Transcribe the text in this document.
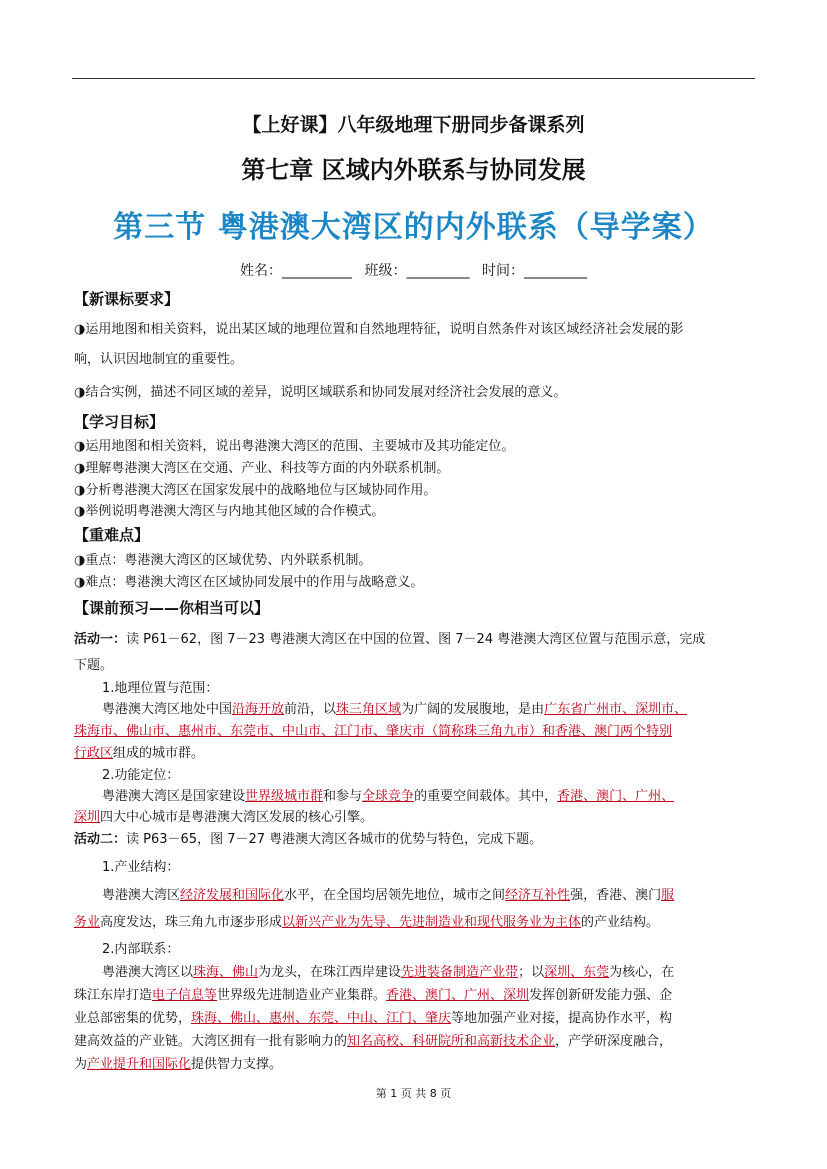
【上好课】八年级地理下册同步备课系列
第七章 区域内外联系与协同发展
第三节 粤港澳大湾区的内外联系（导学案）
姓名：__________ 班级：_________ 时间：_________
【新课标要求】
◑运用地图和相关资料，说出某区域的地理位置和自然地理特征，说明自然条件对该区域经济社会发展的影
响，认识因地制宜的重要性。
◑结合实例，描述不同区域的差异，说明区域联系和协同发展对经济社会发展的意义。
【学习目标】
◑运用地图和相关资料，说出粤港澳大湾区的范围、主要城市及其功能定位。
◑理解粤港澳大湾区在交通、产业、科技等方面的内外联系机制。
◑分析粤港澳大湾区在国家发展中的战略地位与区域协同作用。
◑举例说明粤港澳大湾区与内地其他区域的合作模式。
【重难点】
◑重点：粤港澳大湾区的区域优势、内外联系机制。
◑难点：粤港澳大湾区在区域协同发展中的作用与战略意义。
【课前预习——你相当可以】
活动一：读 P61－62，图 7－23 粤港澳大湾区在中国的位置、图 7－24 粤港澳大湾区位置与范围示意，完成
下题。
1.地理位置与范围：
粤港澳大湾区地处中国沿海开放前沿，以珠三角区域为广阔的发展腹地，是由广东省广州市、深圳市、
珠海市、佛山市、惠州市、东莞市、中山市、江门市、肇庆市（简称珠三角九市）和香港、澳门两个特别
行政区组成的城市群。
2.功能定位：
粤港澳大湾区是国家建设世界级城市群和参与全球竞争的重要空间载体。其中，香港、澳门、广州、
深圳四大中心城市是粤港澳大湾区发展的核心引擎。
活动二：读 P63－65，图 7－27 粤港澳大湾区各城市的优势与特色，完成下题。
1.产业结构：
粤港澳大湾区经济发展和国际化水平，在全国均居领先地位，城市之间经济互补性强，香港、澳门服
务业高度发达，珠三角九市逐步形成以新兴产业为先导、先进制造业和现代服务业为主体的产业结构。
2.内部联系：
粤港澳大湾区以珠海、佛山为龙头，在珠江西岸建设先进装备制造产业带；以深圳、东莞为核心，在
珠江东岸打造电子信息等世界级先进制造业产业集群。香港、澳门、广州、深圳发挥创新研发能力强、企
业总部密集的优势，珠海、佛山、惠州、东莞、中山、江门、肇庆等地加强产业对接，提高协作水平，构
建高效益的产业链。大湾区拥有一批有影响力的知名高校、科研院所和高新技术企业，产学研深度融合，
为产业提升和国际化提供智力支撑。
第 1 页 共 8 页
